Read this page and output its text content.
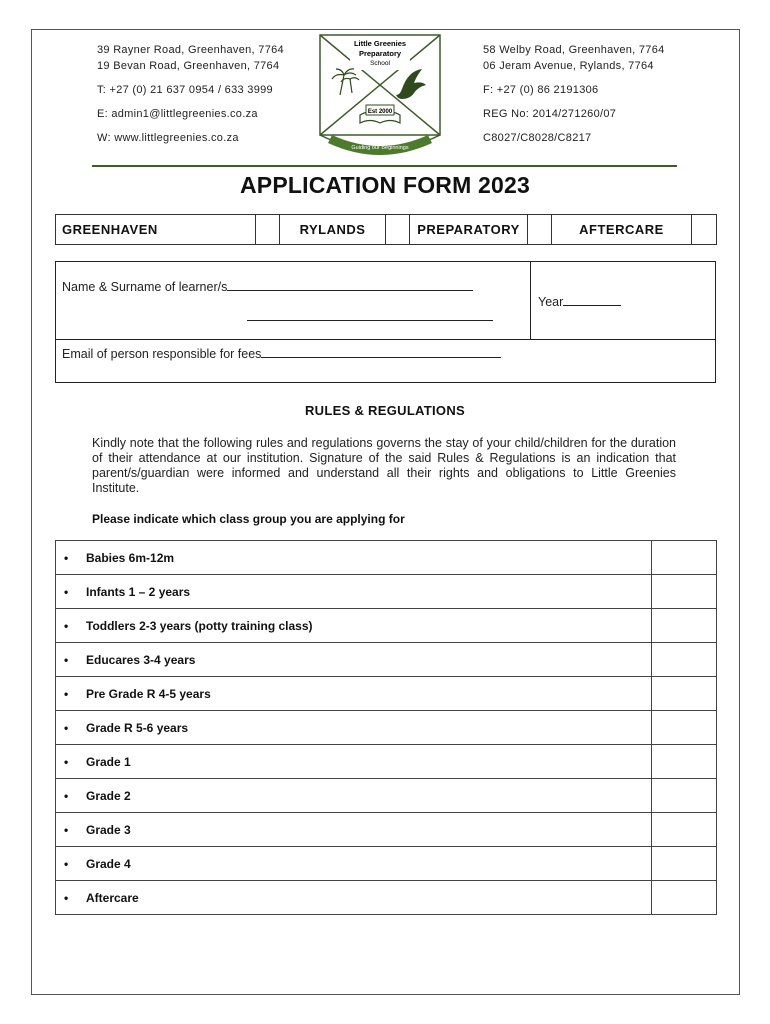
39 Rayner Road, Greenhaven, 7764
19 Bevan Road, Greenhaven, 7764
T: +27 (0) 21 637 0954 / 633 3999
E: admin1@littlegreenies.co.za
W: www.littlegreenies.co.za
Little Greenies
Preparatory
School
Est 2000
Guiding our Beginnings
58 Welby Road, Greenhaven, 7764
06 Jeram Avenue, Rylands, 7764
F: +27 (0) 86 2191306
REG No: 2014/271260/07
C8027/C8028/C8217
APPLICATION FORM 2023
GREENHAVEN		RYLANDS		PREPARATORY		AFTERCARE	
Name & Surname of learner/s
Year
Email of person responsible for fees
RULES & REGULATIONS
Kindly note that the following rules and regulations governs the stay of your child/children for the duration of their attendance at our institution. Signature of the said Rules & Regulations is an indication that parent/s/guardian were informed and understand all their rights and obligations to Little Greenies Institute.
Please indicate which class group you are applying for
• Babies 6m-12m	
• Infants 1 – 2 years	
• Toddlers 2-3 years (potty training class)	
• Educares 3-4 years	
• Pre Grade R 4-5 years	
• Grade R 5-6 years	
• Grade 1	
• Grade 2	
• Grade 3	
• Grade 4	
• Aftercare	
